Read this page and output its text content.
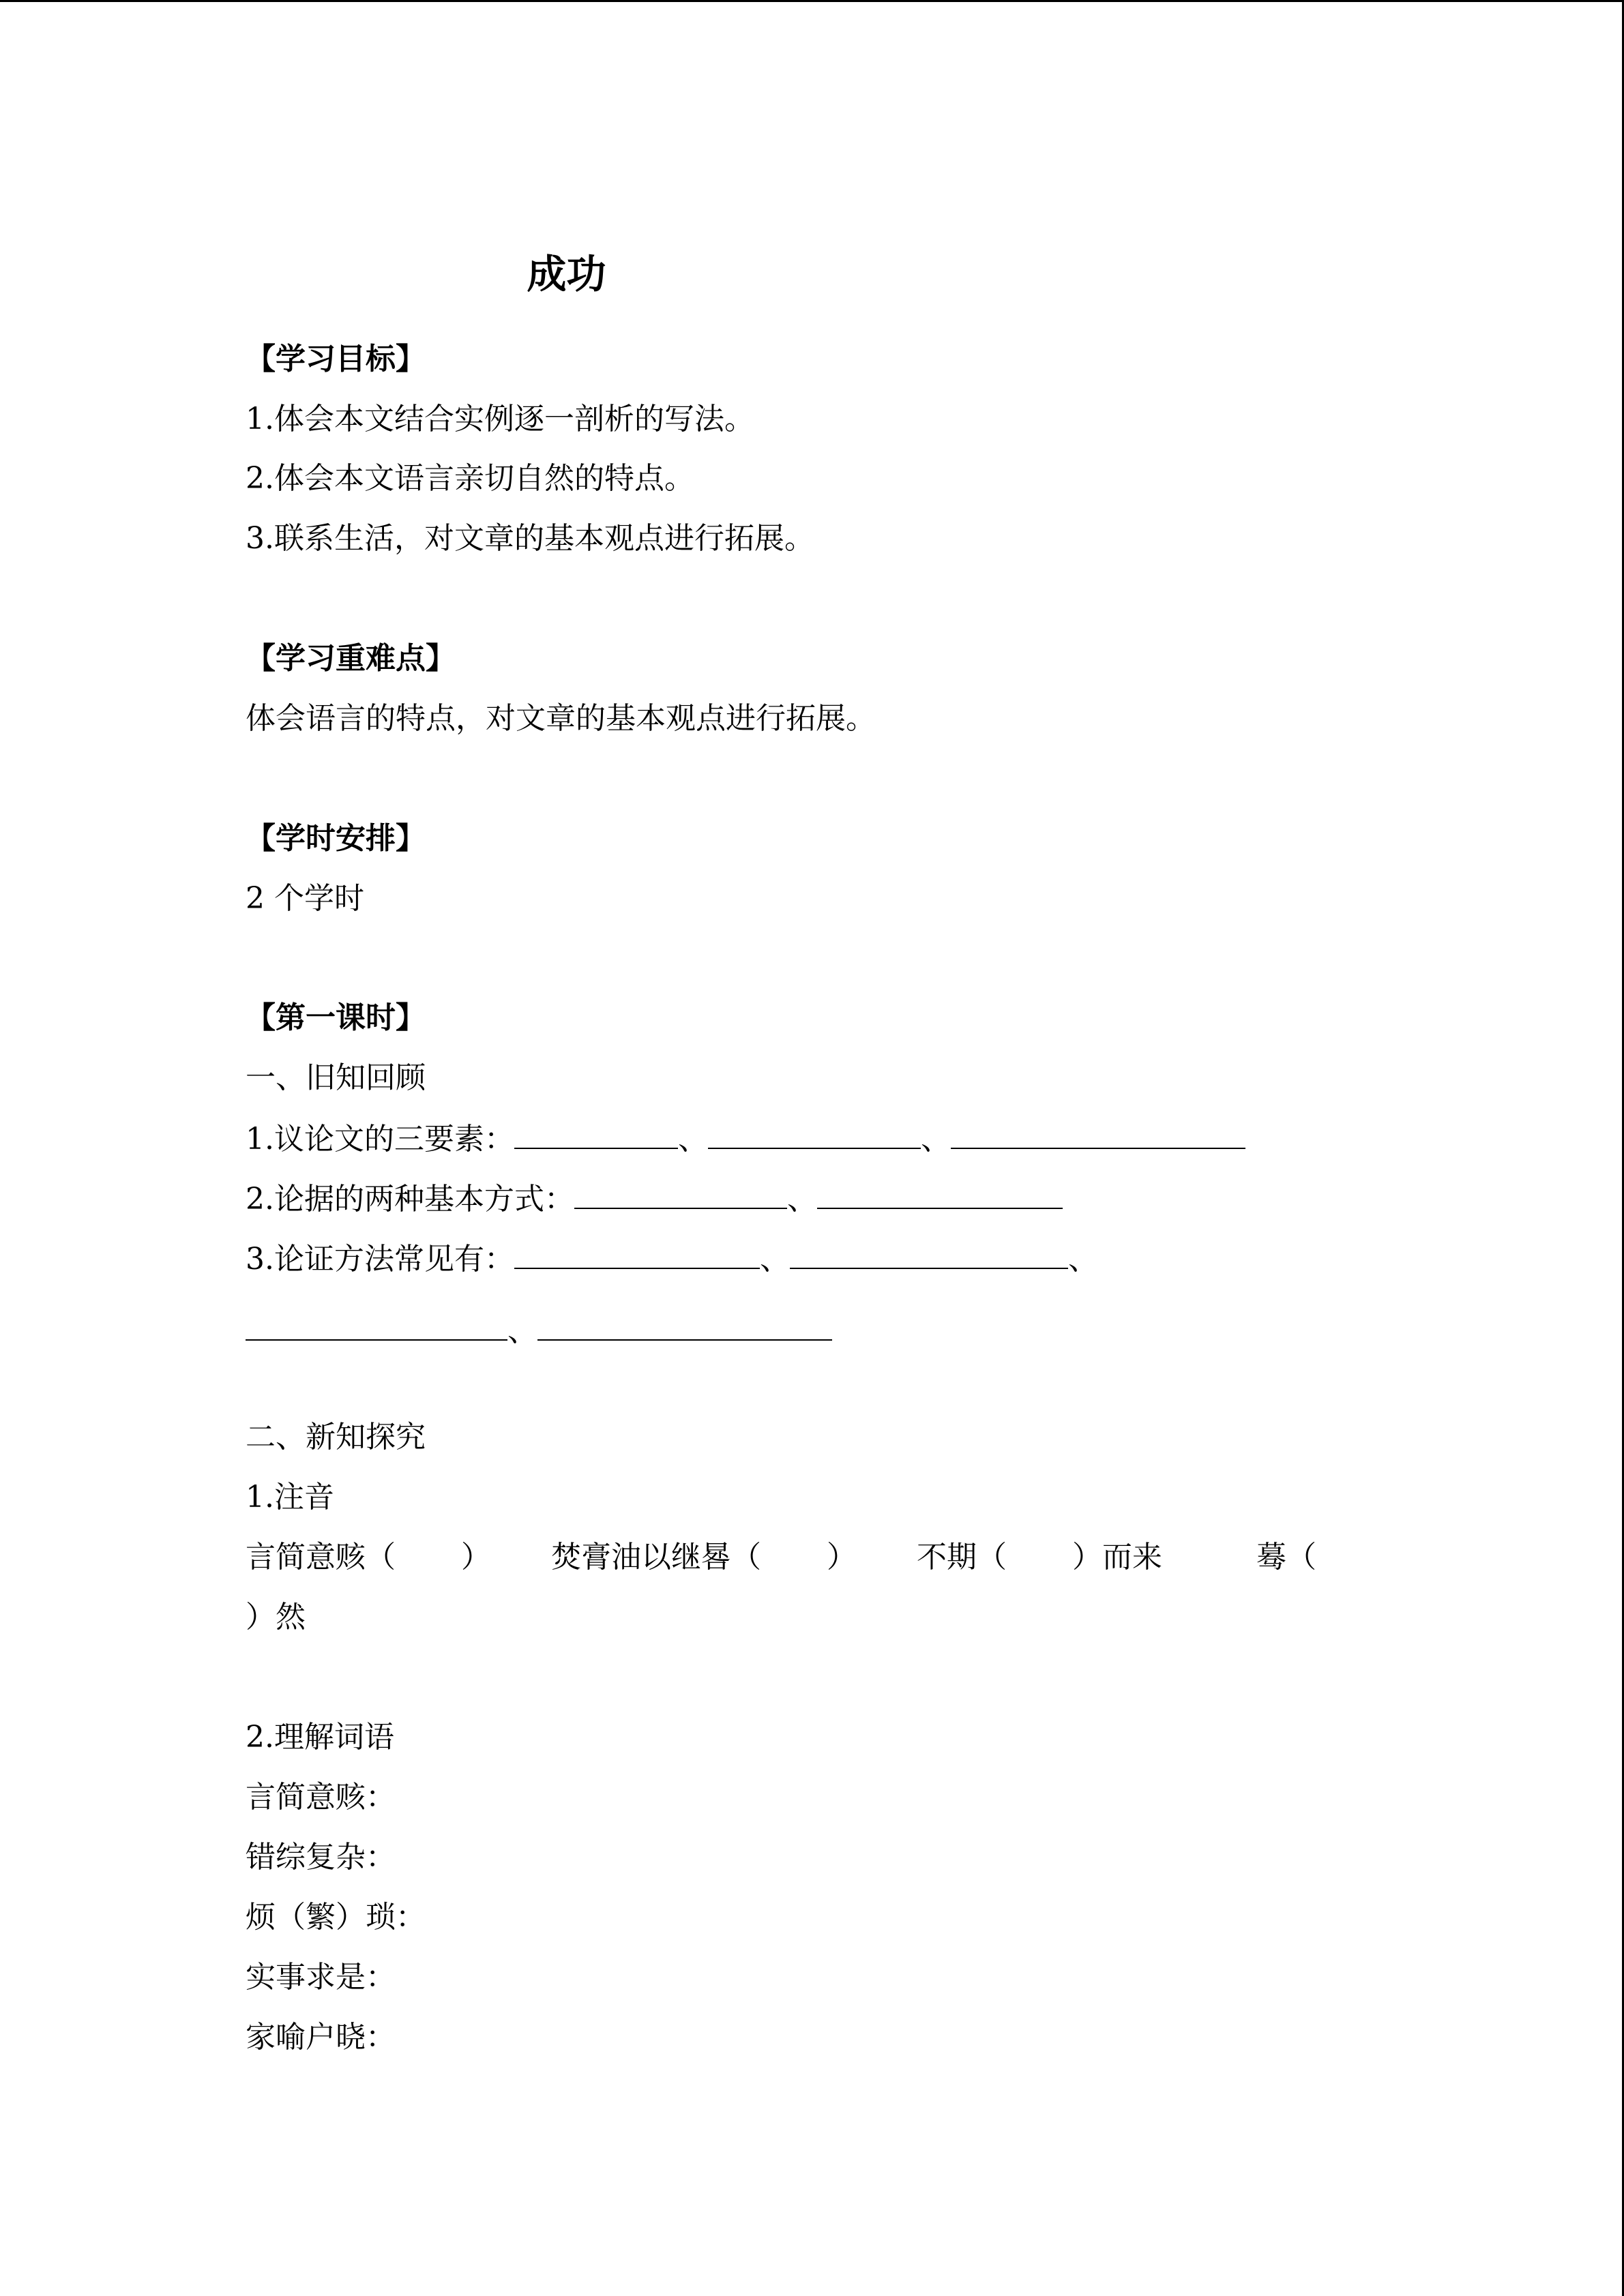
成功
【学习目标】
1.体会本文结合实例逐一剖析的写法。
2.体会本文语言亲切自然的特点。
3.联系生活，对文章的基本观点进行拓展。
【学习重难点】
体会语言的特点，对文章的基本观点进行拓展。
【学时安排】
2 个学时
【第一课时】
一、旧知回顾
1.议论文的三要素：	、	、
2.论据的两种基本方式：	、
3.论证方法常见有：	、	、
、
二、新知探究
1.注音
言简意赅（ ） 焚膏油以继晷（ ） 不期（ ）而来	蓦（
）然
2.理解词语
言简意赅：
错综复杂：
烦（繁）琐：
实事求是：
家喻户晓：
